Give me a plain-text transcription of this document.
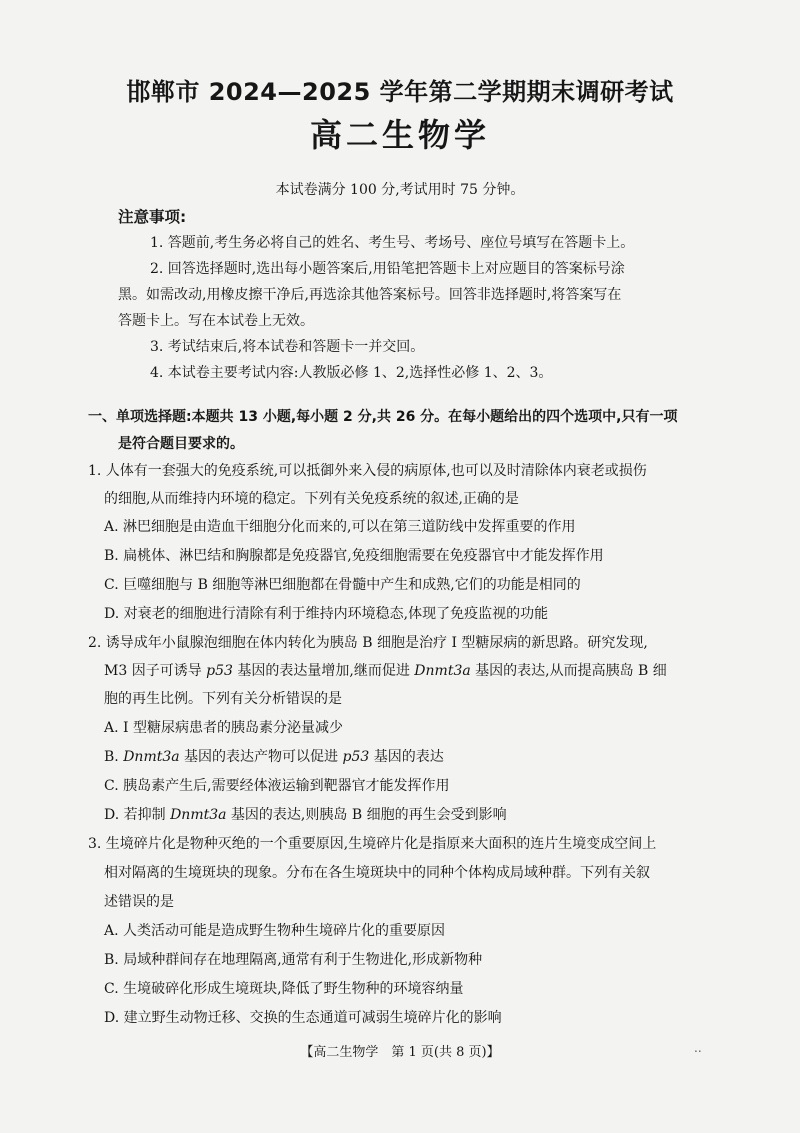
邯郸市 2024—2025 学年第二学期期末调研考试
高二生物学
本试卷满分 100 分,考试用时 75 分钟。
注意事项:
1. 答题前,考生务必将自己的姓名、考生号、考场号、座位号填写在答题卡上。
2. 回答选择题时,选出每小题答案后,用铅笔把答题卡上对应题目的答案标号涂
黑。如需改动,用橡皮擦干净后,再选涂其他答案标号。回答非选择题时,将答案写在
答题卡上。写在本试卷上无效。
3. 考试结束后,将本试卷和答题卡一并交回。
4. 本试卷主要考试内容:人教版必修 1、2,选择性必修 1、2、3。
一、单项选择题:本题共 13 小题,每小题 2 分,共 26 分。在每小题给出的四个选项中,只有一项
是符合题目要求的。
1. 人体有一套强大的免疫系统,可以抵御外来入侵的病原体,也可以及时清除体内衰老或损伤
的细胞,从而维持内环境的稳定。下列有关免疫系统的叙述,正确的是
A. 淋巴细胞是由造血干细胞分化而来的,可以在第三道防线中发挥重要的作用
B. 扁桃体、淋巴结和胸腺都是免疫器官,免疫细胞需要在免疫器官中才能发挥作用
C. 巨噬细胞与 B 细胞等淋巴细胞都在骨髓中产生和成熟,它们的功能是相同的
D. 对衰老的细胞进行清除有利于维持内环境稳态,体现了免疫监视的功能
2. 诱导成年小鼠腺泡细胞在体内转化为胰岛 B 细胞是治疗 Ⅰ 型糖尿病的新思路。研究发现,
M3 因子可诱导 p53 基因的表达量增加,继而促进 Dnmt3a 基因的表达,从而提高胰岛 B 细
胞的再生比例。下列有关分析错误的是
A. Ⅰ 型糖尿病患者的胰岛素分泌量减少
B. Dnmt3a 基因的表达产物可以促进 p53 基因的表达
C. 胰岛素产生后,需要经体液运输到靶器官才能发挥作用
D. 若抑制 Dnmt3a 基因的表达,则胰岛 B 细胞的再生会受到影响
3. 生境碎片化是物种灭绝的一个重要原因,生境碎片化是指原来大面积的连片生境变成空间上
相对隔离的生境斑块的现象。分布在各生境斑块中的同种个体构成局域种群。下列有关叙
述错误的是
A. 人类活动可能是造成野生物种生境碎片化的重要原因
B. 局域种群间存在地理隔离,通常有利于生物进化,形成新物种
C. 生境破碎化形成生境斑块,降低了野生物种的环境容纳量
D. 建立野生动物迁移、交换的生态通道可减弱生境碎片化的影响
【高二生物学　第 1 页(共 8 页)】	..
